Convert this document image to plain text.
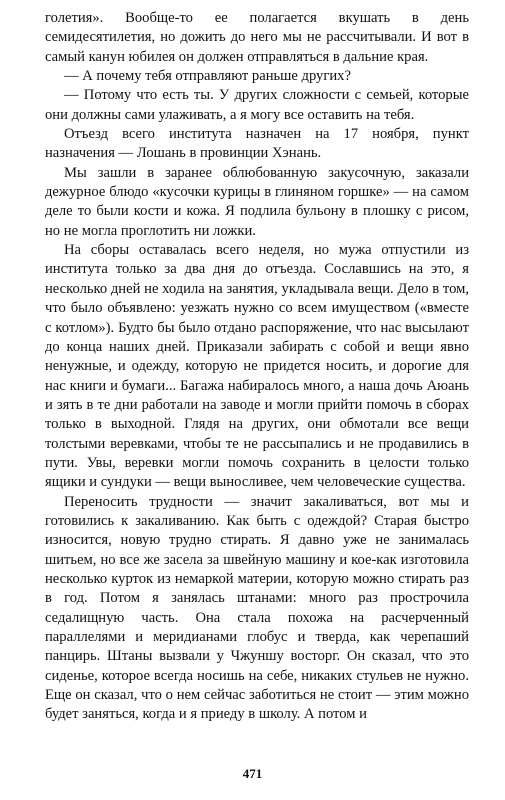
голетия». Вообще-то ее полагается вкушать в день семидесятилетия, но дожить до него мы не рассчитывали. И вот в самый канун юбилея он должен отправляться в дальние края.

— А почему тебя отправляют раньше других?

— Потому что есть ты. У других сложности с семьей, которые они должны сами улаживать, а я могу все оставить на тебя.

Отъезд всего института назначен на 17 ноября, пункт назначения — Лошань в провинции Хэнань.

Мы зашли в заранее облюбованную закусочную, заказали дежурное блюдо «кусочки курицы в глиняном горшке» — на самом деле то были кости и кожа. Я подлила бульону в плошку с рисом, но не могла проглотить ни ложки.

На сборы оставалась всего неделя, но мужа отпустили из института только за два дня до отъезда. Сославшись на это, я несколько дней не ходила на занятия, укладывала вещи. Дело в том, что было объявлено: уезжать нужно со всем имуществом («вместе с котлом»). Будто бы было отдано распоряжение, что нас высылают до конца наших дней. Приказали забирать с собой и вещи явно ненужные, и одежду, которую не придется носить, и дорогие для нас книги и бумаги... Багажа набиралось много, а наша дочь Аюань и зять в те дни работали на заводе и могли прийти помочь в сборах только в выходной. Глядя на других, они обмотали все вещи толстыми веревками, чтобы те не рассыпались и не продавились в пути. Увы, веревки могли помочь сохранить в целости только ящики и сундуки — вещи выносливее, чем человеческие существа.

Переносить трудности — значит закаливаться, вот мы и готовились к закаливанию. Как быть с одеждой? Старая быстро износится, новую трудно стирать. Я давно уже не занималась шитьем, но все же засела за швейную машину и кое-как изготовила несколько курток из немаркой материи, которую можно стирать раз в год. Потом я занялась штанами: много раз прострочила седалищную часть. Она стала похожа на расчерченный параллелями и меридианами глобус и тверда, как черепаший панцирь. Штаны вызвали у Чжуншу восторг. Он сказал, что это сиденье, которое всегда носишь на себе, никаких стульев не нужно. Еще он сказал, что о нем сейчас заботиться не стоит — этим можно будет заняться, когда и я приеду в школу. А потом и

471
